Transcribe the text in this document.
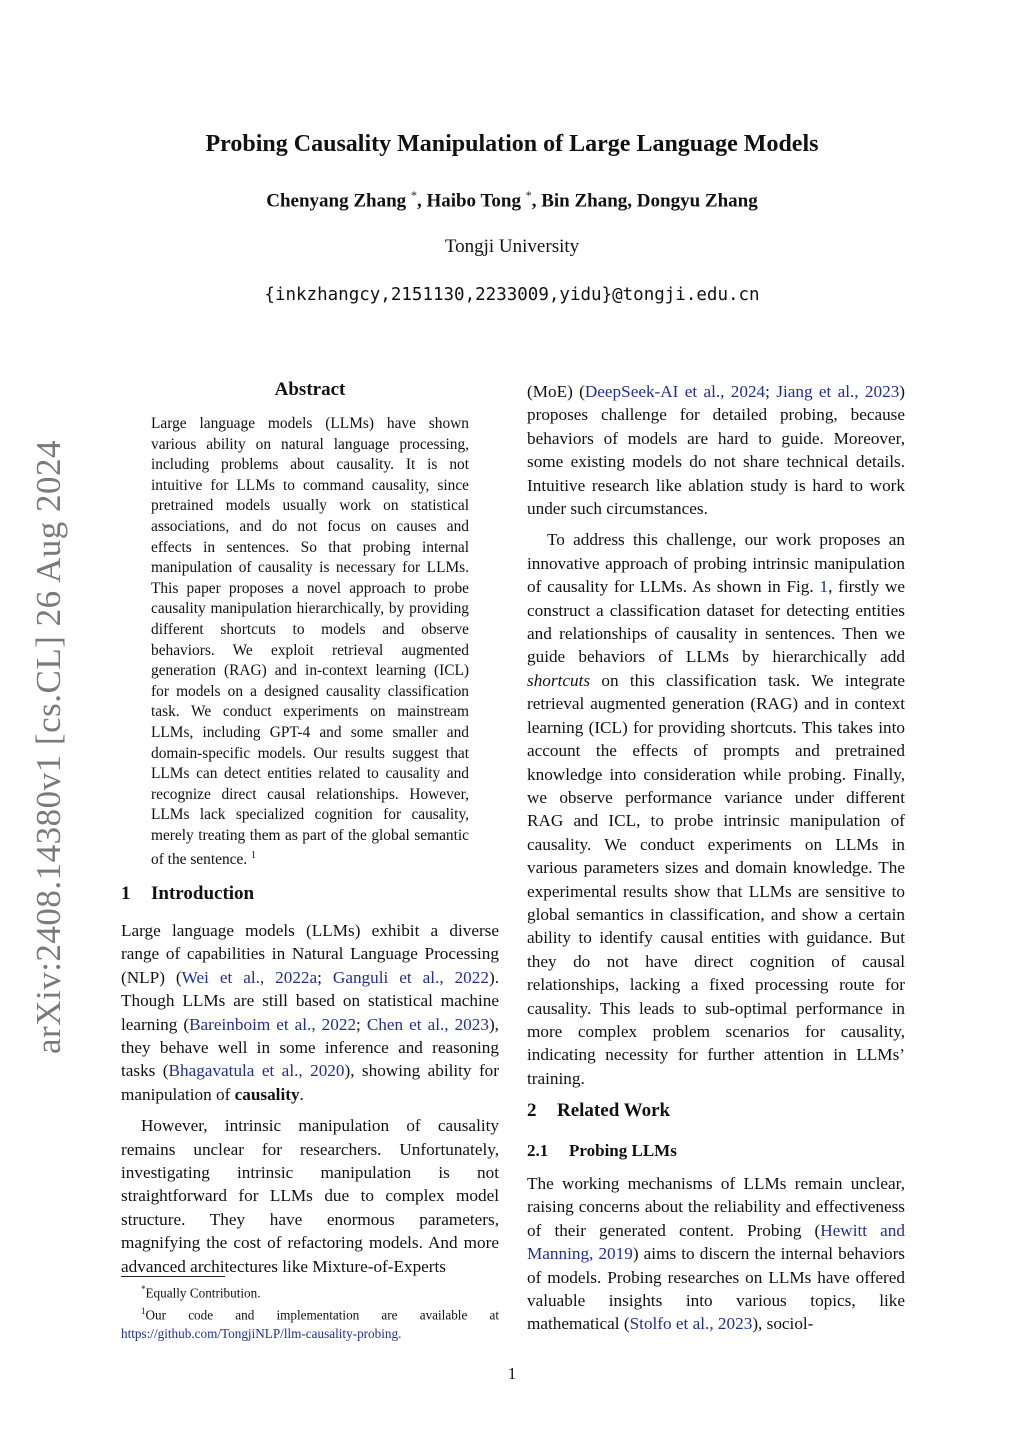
arXiv:2408.14380v1 [cs.CL] 26 Aug 2024
Probing Causality Manipulation of Large Language Models
Chenyang Zhang *, Haibo Tong *, Bin Zhang, Dongyu Zhang
Tongji University
{inkzhangcy,2151130,2233009,yidu}@tongji.edu.cn
Abstract
Large language models (LLMs) have shown various ability on natural language processing, including problems about causality. It is not intuitive for LLMs to command causality, since pretrained models usually work on statistical associations, and do not focus on causes and effects in sentences. So that probing internal manipulation of causality is necessary for LLMs. This paper proposes a novel approach to probe causality manipulation hierarchically, by providing different shortcuts to models and observe behaviors. We exploit retrieval augmented generation (RAG) and in-context learning (ICL) for models on a designed causality classification task. We conduct experiments on mainstream LLMs, including GPT-4 and some smaller and domain-specific models. Our results suggest that LLMs can detect entities related to causality and recognize direct causal relationships. However, LLMs lack specialized cognition for causality, merely treating them as part of the global semantic of the sentence. $^1$
1 Introduction

Large language models (LLMs) exhibit a diverse range of capabilities in Natural Language Processing (NLP) (Wei et al., 2022a; Ganguli et al., 2022). Though LLMs are still based on statistical machine learning (Bareinboim et al., 2022; Chen et al., 2023), they behave well in some inference and reasoning tasks (Bhagavatula et al., 2020), showing ability for manipulation of causality.

However, intrinsic manipulation of causality remains unclear for researchers. Unfortunately, investigating intrinsic manipulation is not straightforward for LLMs due to complex model structure. They have enormous parameters, magnifying the cost of refactoring models. And more advanced architectures like Mixture-of-Experts

*Equally Contribution.
$^1$Our code and implementation are available at
https://github.com/TongjiNLP/llm-causality-probing.

(MoE) (DeepSeek-AI et al., 2024; Jiang et al., 2023) proposes challenge for detailed probing, because behaviors of models are hard to guide. Moreover, some existing models do not share technical details. Intuitive research like ablation study is hard to work under such circumstances.

To address this challenge, our work proposes an innovative approach of probing intrinsic manipulation of causality for LLMs. As shown in Fig. 1, firstly we construct a classification dataset for detecting entities and relationships of causality in sentences. Then we guide behaviors of LLMs by hierarchically add shortcuts on this classification task. We integrate retrieval augmented generation (RAG) and in context learning (ICL) for providing shortcuts. This takes into account the effects of prompts and pretrained knowledge into consideration while probing. Finally, we observe performance variance under different RAG and ICL, to probe intrinsic manipulation of causality. We conduct experiments on LLMs in various parameters sizes and domain knowledge. The experimental results show that LLMs are sensitive to global semantics in classification, and show a certain ability to identify causal entities with guidance. But they do not have direct cognition of causal relationships, lacking a fixed processing route for causality. This leads to sub-optimal performance in more complex problem scenarios for causality, indicating necessity for further attention in LLMs’ training.

2 Related Work
2.1 Probing LLMs

The working mechanisms of LLMs remain unclear, raising concerns about the reliability and effectiveness of their generated content. Probing (Hewitt and Manning, 2019) aims to discern the internal behaviors of models. Probing researches on LLMs have offered valuable insights into various topics, like mathematical (Stolfo et al., 2023), sociol-

1
